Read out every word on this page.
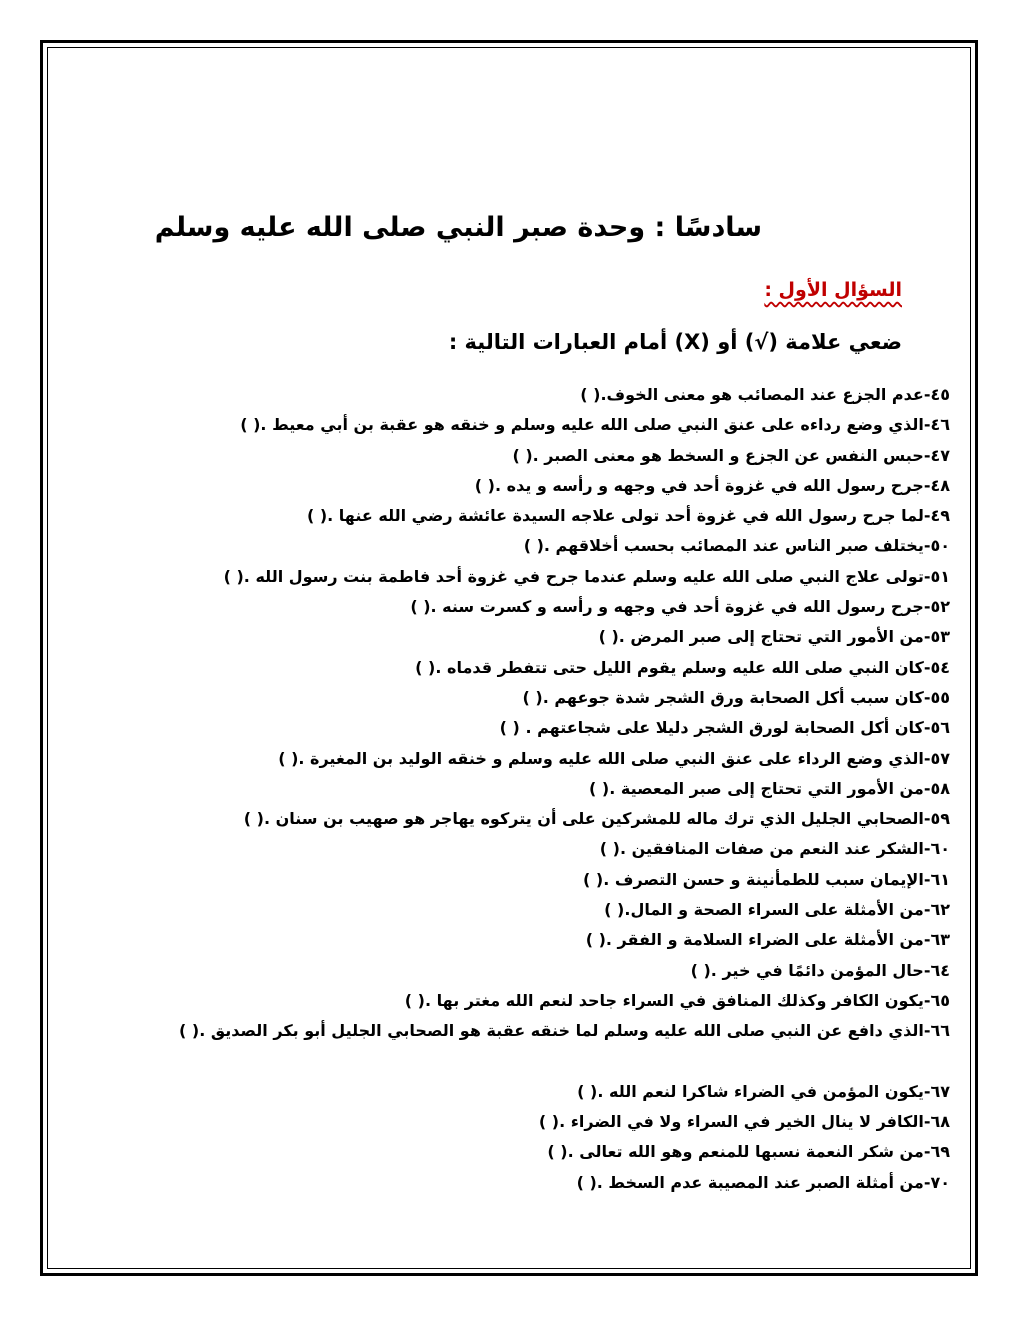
سادسًا : وحدة صبر النبي صلى الله عليه وسلم
السؤال الأول :
ضعي علامة (√) أو (X) أمام العبارات التالية :
٤٥-عدم الجزع عند المصائب هو معنى الخوف.( )
٤٦-الذي وضع رداءه على عنق النبي صلى الله عليه وسلم و خنقه هو عقبة بن أبي معيط .( )
٤٧-حبس النفس عن الجزع و السخط هو معنى الصبر .( )
٤٨-جرح رسول الله في غزوة أحد في وجهه و رأسه و يده .( )
٤٩-لما جرح رسول الله في غزوة أحد تولى علاجه السيدة عائشة رضي الله عنها .( )
٥٠-يختلف صبر الناس عند المصائب بحسب أخلاقهم .( )
٥١-تولى علاج النبي صلى الله عليه وسلم عندما جرح في غزوة أحد فاطمة بنت رسول الله .( )
٥٢-جرح رسول الله في غزوة أحد في وجهه و رأسه و كسرت سنه .( )
٥٣-من الأمور التي تحتاج إلى صبر المرض .( )
٥٤-كان النبي صلى الله عليه وسلم يقوم الليل حتى تتفطر قدماه .( )
٥٥-كان سبب أكل الصحابة ورق الشجر شدة جوعهم .( )
٥٦-كان أكل الصحابة لورق الشجر دليلا على شجاعتهم . ( )
٥٧-الذي وضع الرداء على عنق النبي صلى الله عليه وسلم و خنقه الوليد بن المغيرة .( )
٥٨-من الأمور التي تحتاج إلى صبر المعصية .( )
٥٩-الصحابي الجليل الذي ترك ماله للمشركين على أن يتركوه يهاجر هو صهيب بن سنان .( )
٦٠-الشكر عند النعم من صفات المنافقين .( )
٦١-الإيمان سبب للطمأنينة و حسن التصرف .( )
٦٢-من الأمثلة على السراء الصحة و المال.( )
٦٣-من الأمثلة على الضراء السلامة و الفقر .( )
٦٤-حال المؤمن دائمًا في خير .( )
٦٥-يكون الكافر وكذلك المنافق في السراء جاحد لنعم الله مغتر بها .( )
٦٦-الذي دافع عن النبي صلى الله عليه وسلم لما خنقه عقبة هو الصحابي الجليل أبو بكر الصديق .( )
٦٧-يكون المؤمن في الضراء شاكرا لنعم الله .( )
٦٨-الكافر لا ينال الخير في السراء ولا في الضراء .( )
٦٩-من شكر النعمة نسبها للمنعم وهو الله تعالى .( )
٧٠-من أمثلة الصبر عند المصيبة عدم السخط .( )
